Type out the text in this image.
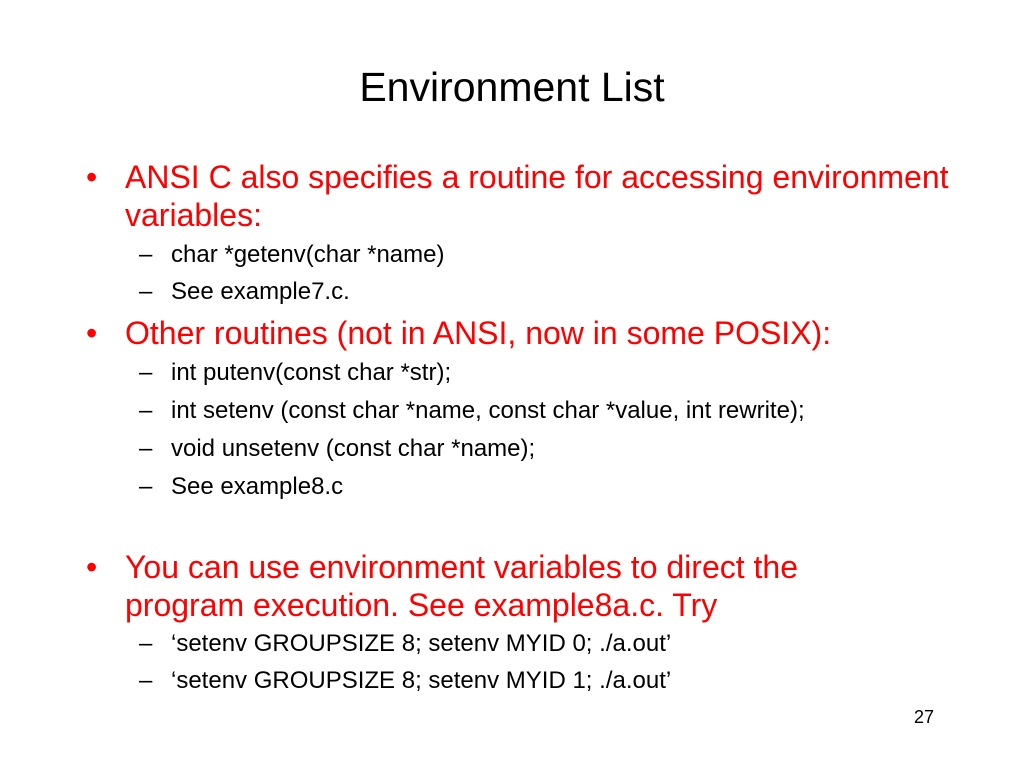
Environment List
• ANSI C also specifies a routine for accessing environment variables:
– char *getenv(char *name)
– See example7.c.
• Other routines (not in ANSI, now in some POSIX):
– int putenv(const char *str);
– int setenv (const char *name, const char *value, int rewrite);
– void unsetenv (const char *name);
– See example8.c
• You can use environment variables to direct the program execution. See example8a.c. Try
– ‘setenv GROUPSIZE 8; setenv MYID 0; ./a.out’
– ‘setenv GROUPSIZE 8; setenv MYID 1; ./a.out’
27
